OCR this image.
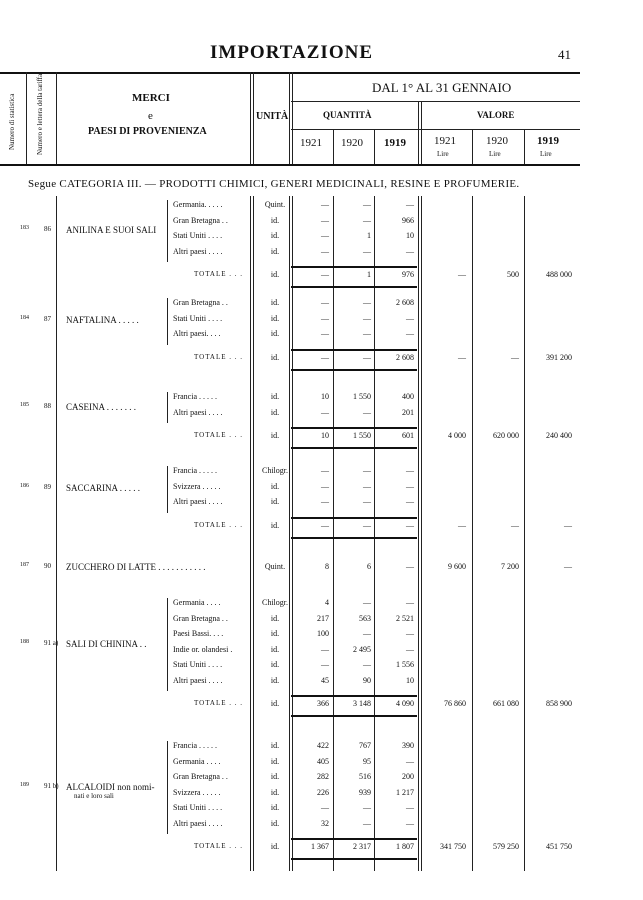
IMPORTAZIONE	41
Numero di statistica	Numero e lettera della tariffa	MERCI
e
PAESI DI PROVENIENZA
UNITÀ
DAL 1° AL 31 GENNAIO
QUANTITÀ	VALORE
1921 1920 1919	1921	1920	1919
Lire	Lire	Lire
Segue CATEGORIA III. — PRODOTTI CHIMICI, GENERI MEDICINALI, RESINE E PROFUMERIE.
183 86 ANILINA E SUOI SALI
Germania. . . . .	Quint.	—	—	—
Gran Bretagna . .	id.	—	—	966
Stati Uniti . . . .	id.	—	1	10
Altri paesi . . . .	id.	—	—	—
TOTALE . . .	id.	—	1	976	—	500	488 000
184 87 NAFTALINA . . . . .
Gran Bretagna . .	id.	—	—	2 608
Stati Uniti . . . .	id.	—	—	—
Altri paesi. . . .	id.	—	—	—
TOTALE . . .	id.	—	—	2 608	—	—	391 200
185 88 CASEINA . . . . . . .
Francia . . . . .	id.	10	1 550	400
Altri paesi . . . .	id.	—	—	201
TOTALE . . .	id.	10	1 550	601	4 000	620 000	240 400
186 89 SACCARINA . . . . .
Francia . . . . .	Chilogr.	—	—	—
Svizzera . . . . .	id.	—	—	—
Altri paesi . . . .	id.	—	—	—
TOTALE . . .	id.	—	—	—	—	—	—
187 90 ZUCCHERO DI LATTE . . . . . . . . . . .	Quint.	8	6	—	9 600	7 200	—
188 91 a) SALI DI CHININA . .
Germania . . . .	Chilogr.	4	—	—
Gran Bretagna . .	id.	217	563	2 521
Paesi Bassi. . . .	id.	100	—	—
Indie or. olandesi .	id.	—	2 495	—
Stati Uniti . . . .	id.	—	—	1 556
Altri paesi . . . .	id.	45	90	10
TOTALE . . .	id.	366	3 148	4 090	76 860	661 080	858 900
189 91 b) ALCALOIDI non nomi-
nati e loro sali
Francia . . . . .	id.	422	767	390
Germania . . . .	id.	405	95	—
Gran Bretagna . .	id.	282	516	200
Svizzera . . . . .	id.	226	939	1 217
Stati Uniti . . . .	id.	—	—	—
Altri paesi . . . .	id.	32	—	—
TOTALE . . .	id.	1 367	2 317	1 807	341 750	579 250	451 750
